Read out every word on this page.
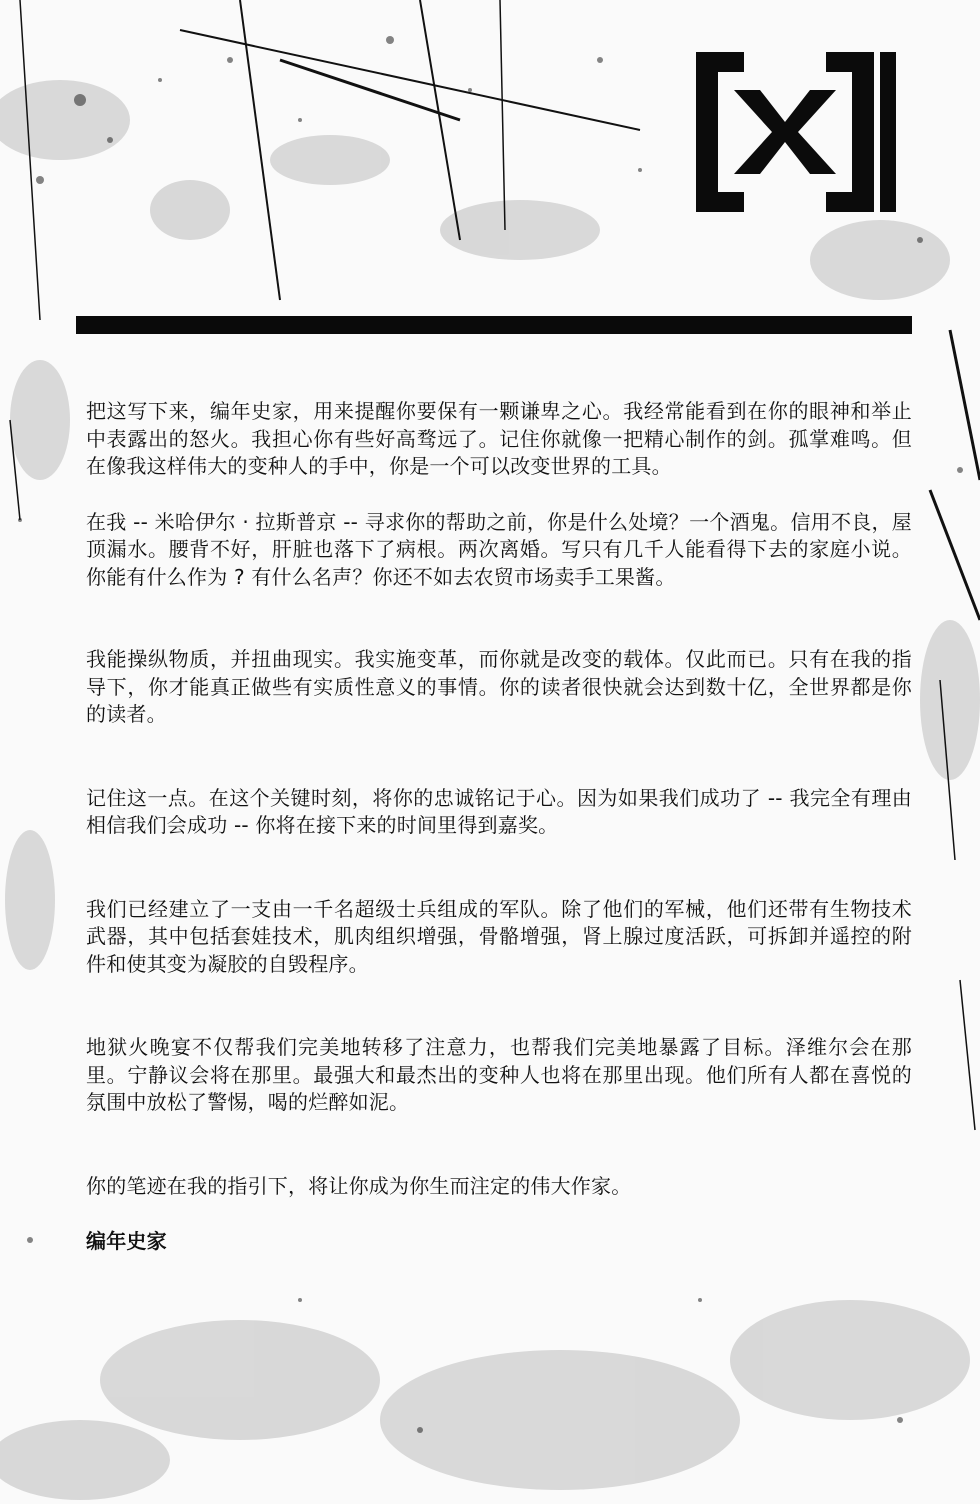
把这写下来，编年史家，用来提醒你要保有一颗谦卑之心。我经常能看到在你的眼神和举止中表露出的怒火。我担心你有些好高骛远了。记住你就像一把精心制作的剑。孤掌难鸣。但在像我这样伟大的变种人的手中，你是一个可以改变世界的工具。

在我 -- 米哈伊尔 · 拉斯普京 -- 寻求你的帮助之前，你是什么处境？一个酒鬼。信用不良，屋顶漏水。腰背不好，肝脏也落下了病根。两次离婚。写只有几千人能看得下去的家庭小说。你能有什么作为 ? 有什么名声？你还不如去农贸市场卖手工果酱。

我能操纵物质，并扭曲现实。我实施变革，而你就是改变的载体。仅此而已。只有在我的指导下，你才能真正做些有实质性意义的事情。你的读者很快就会达到数十亿，全世界都是你的读者。

记住这一点。在这个关键时刻，将你的忠诚铭记于心。因为如果我们成功了 -- 我完全有理由相信我们会成功 -- 你将在接下来的时间里得到嘉奖。

我们已经建立了一支由一千名超级士兵组成的军队。除了他们的军械，他们还带有生物技术武器，其中包括套娃技术，肌肉组织增强，骨骼增强，肾上腺过度活跃，可拆卸并遥控的附件和使其变为凝胶的自毁程序。

地狱火晚宴不仅帮我们完美地转移了注意力，也帮我们完美地暴露了目标。泽维尔会在那里。宁静议会将在那里。最强大和最杰出的变种人也将在那里出现。他们所有人都在喜悦的氛围中放松了警惕，喝的烂醉如泥。

你的笔迹在我的指引下，将让你成为你生而注定的伟大作家。

编年史家
